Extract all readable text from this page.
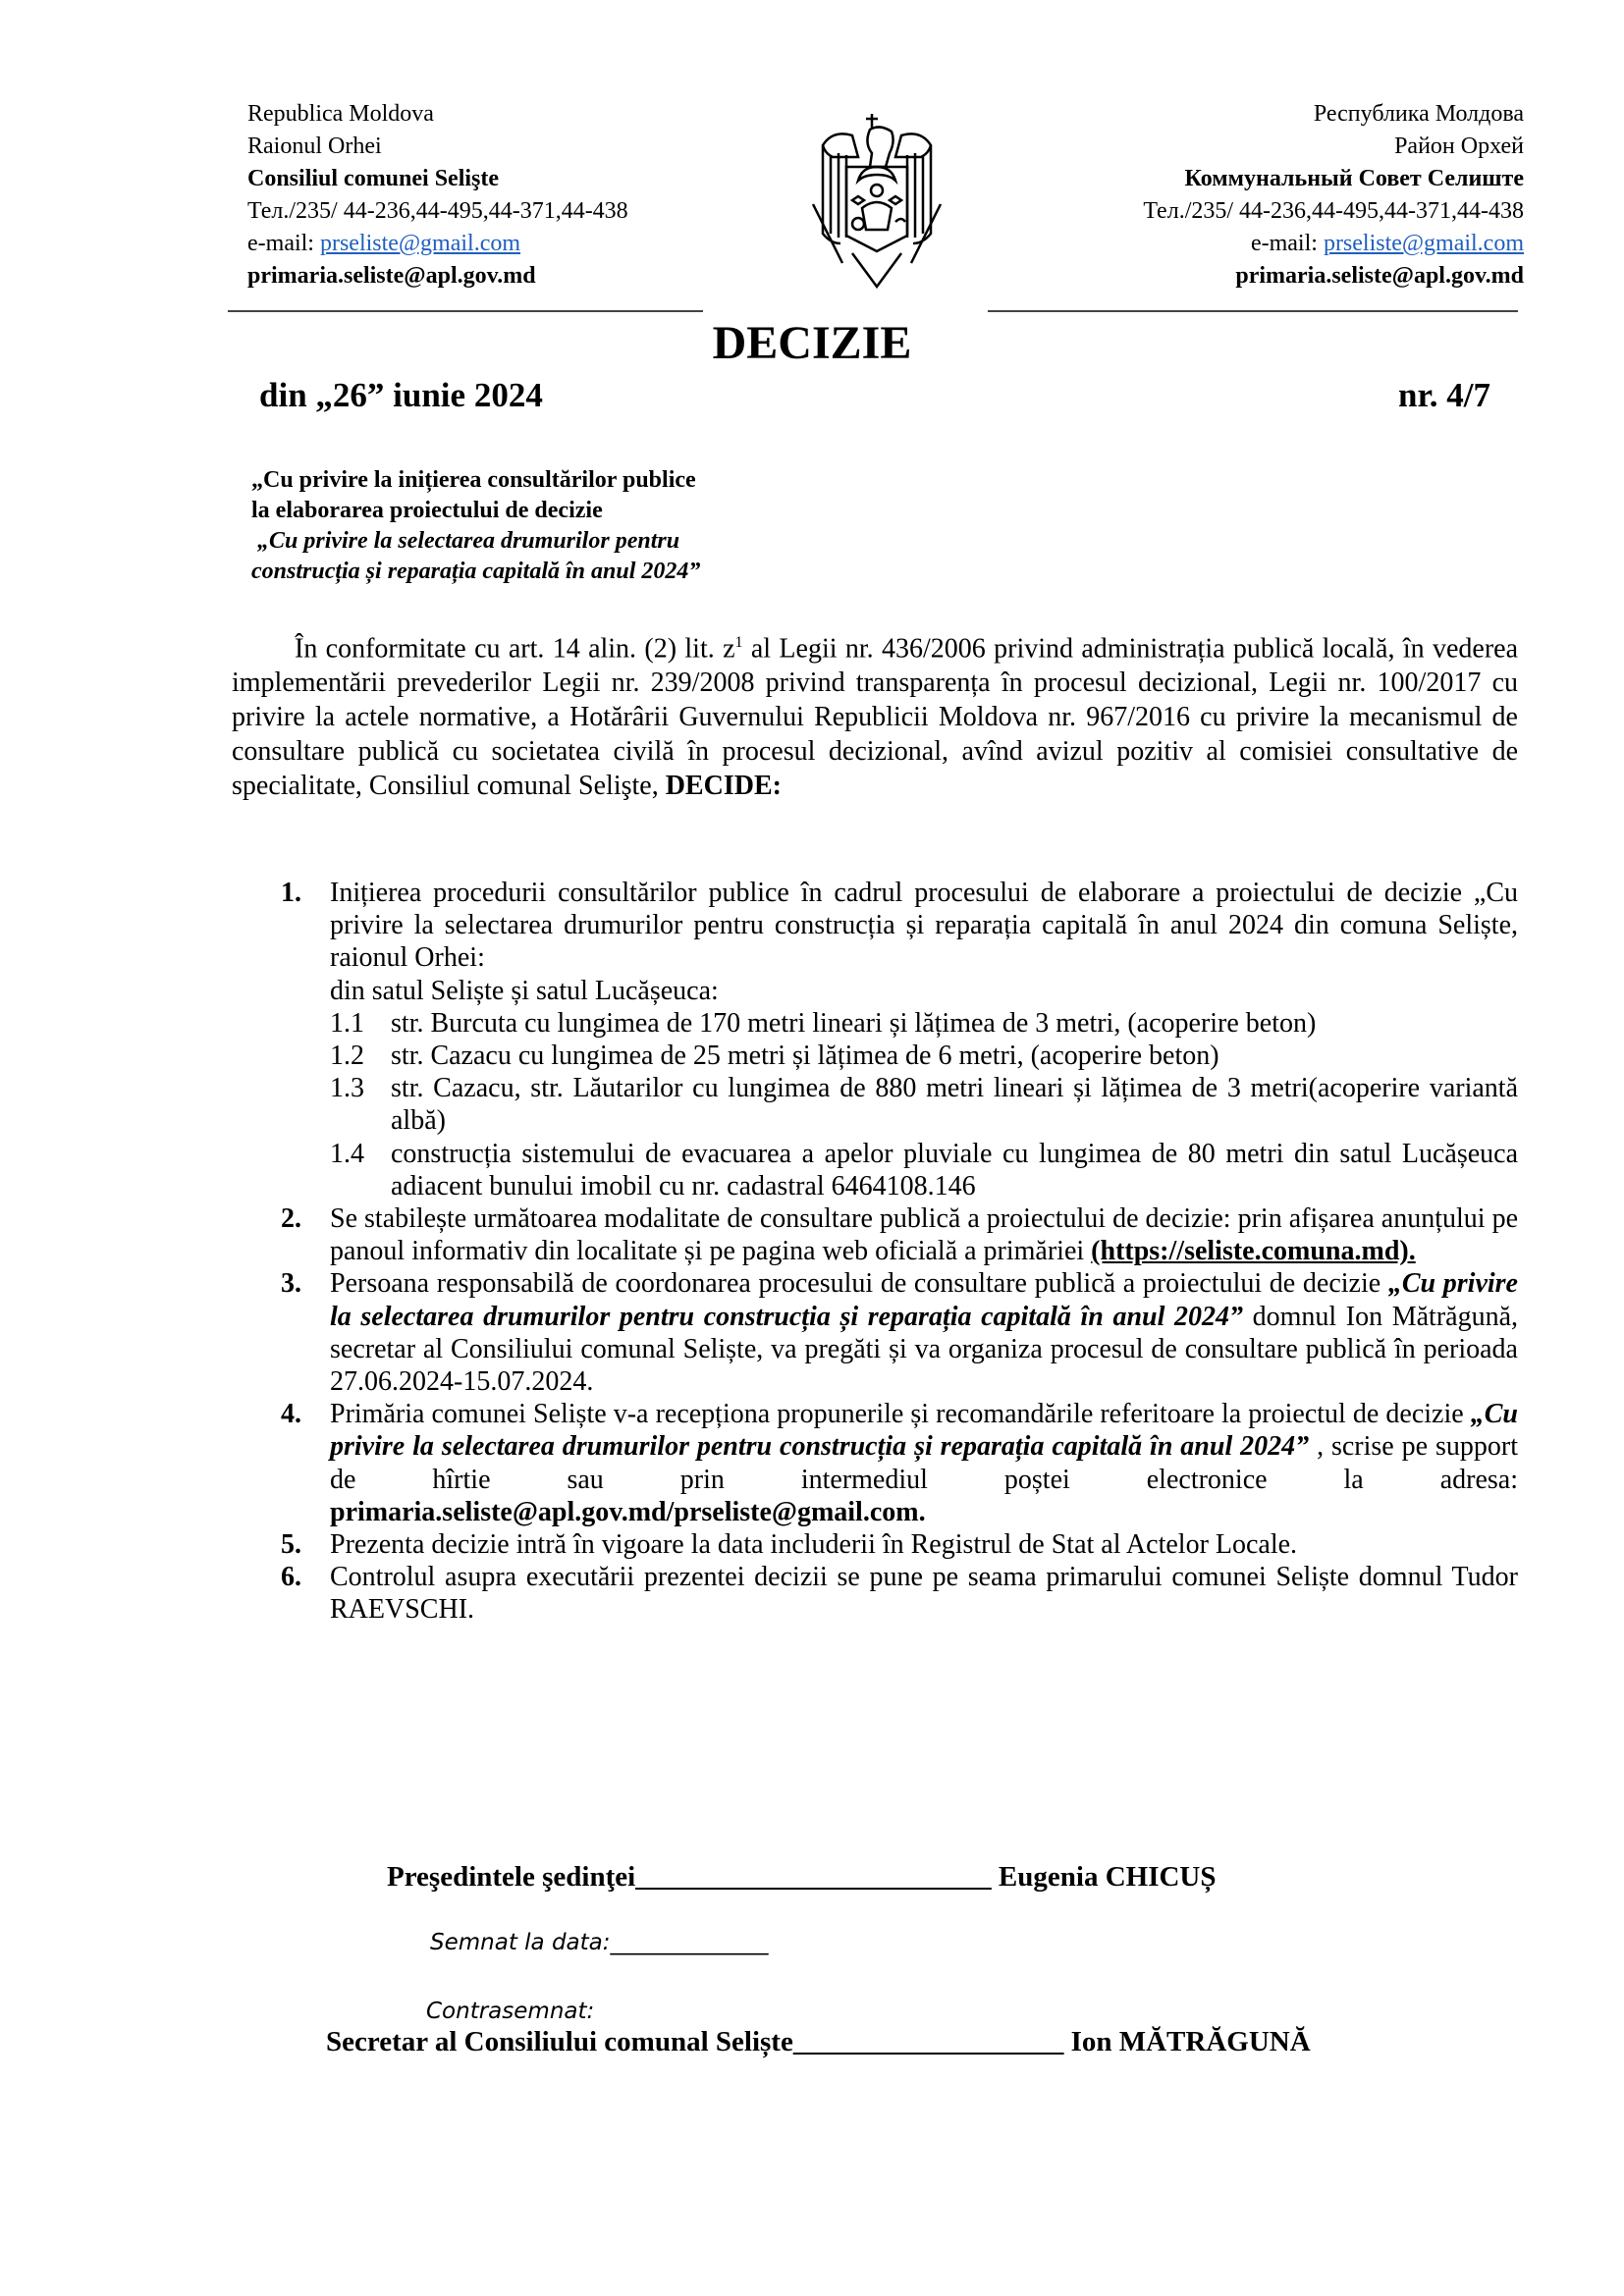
Republica Moldova
Raionul Orhei
Consiliul comunei Selişte
Тел./235/ 44-236,44-495,44-371,44-438
e-mail: prseliste@gmail.com
primaria.seliste@apl.gov.md
Республика Молдова
Район Орхей
Коммунальный Совет Селиште
Тел./235/ 44-236,44-495,44-371,44-438
e-mail: prseliste@gmail.com
primaria.seliste@apl.gov.md
DECIZIE
din „26” iunie 2024	nr. 4/7
„Cu privire la inițierea consultărilor publice
la elaborarea proiectului de decizie
„Cu privire la selectarea drumurilor pentru
construcția și reparația capitală în anul 2024”

În conformitate cu art. 14 alin. (2) lit. $z^1$ al Legii nr. 436/2006 privind administrația publică locală, în vederea implementării prevederilor Legii nr. 239/2008 privind transparența în procesul decizional, Legii nr. 100/2017 cu privire la actele normative, a Hotărârii Guvernului Republicii Moldova nr. 967/2016 cu privire la mecanismul de consultare publică cu societatea civilă în procesul decizional, avînd avizul pozitiv al comisiei consultative de specialitate, Consiliul comunal Selişte, DECIDE:

1. Inițierea procedurii consultărilor publice în cadrul procesului de elaborare a proiectului de decizie „Cu privire la selectarea drumurilor pentru construcția și reparația capitală în anul 2024 din comuna Seliște, raionul Orhei:
din satul Seliște și satul Lucășeuca:
1.1 str. Burcuta cu lungimea de 170 metri lineari și lățimea de 3 metri, (acoperire beton)
1.2 str. Cazacu cu lungimea de 25 metri și lățimea de 6 metri, (acoperire beton)
1.3 str. Cazacu, str. Lăutarilor cu lungimea de 880 metri lineari și lățimea de 3 metri(acoperire variantă albă)
1.4 construcția sistemului de evacuarea a apelor pluviale cu lungimea de 80 metri din satul Lucășeuca adiacent bunului imobil cu nr. cadastral 6464108.146
2. Se stabilește următoarea modalitate de consultare publică a proiectului de decizie: prin afișarea anunțului pe panoul informativ din localitate și pe pagina web oficială a primăriei (https://seliste.comuna.md).
3. Persoana responsabilă de coordonarea procesului de consultare publică a proiectului de decizie „Cu privire la selectarea drumurilor pentru construcția și reparația capitală în anul 2024” domnul Ion Mătrăgună, secretar al Consiliului comunal Seliște, va pregăti și va organiza procesul de consultare publică în perioada 27.06.2024-15.07.2024.
4. Primăria comunei Seliște v-a recepționa propunerile și recomandările referitoare la proiectul de decizie „Cu privire la selectarea drumurilor pentru construcția și reparația capitală în anul 2024” , scrise pe support de hîrtie sau prin intermediul poștei electronice la adresa: primaria.seliste@apl.gov.md/prseliste@gmail.com.
5. Prezenta decizie intră în vigoare la data includerii în Registrul de Stat al Actelor Locale.
6. Controlul asupra executării prezentei decizii se pune pe seama primarului comunei Seliște domnul Tudor RAEVSCHI.
Preşedintele şedinţei_________________________ Eugenia CHICUȘ
Semnat la data:______________
Contrasemnat:
Secretar al Consiliului comunal Seliște___________________ Ion MĂTRĂGUNĂ
